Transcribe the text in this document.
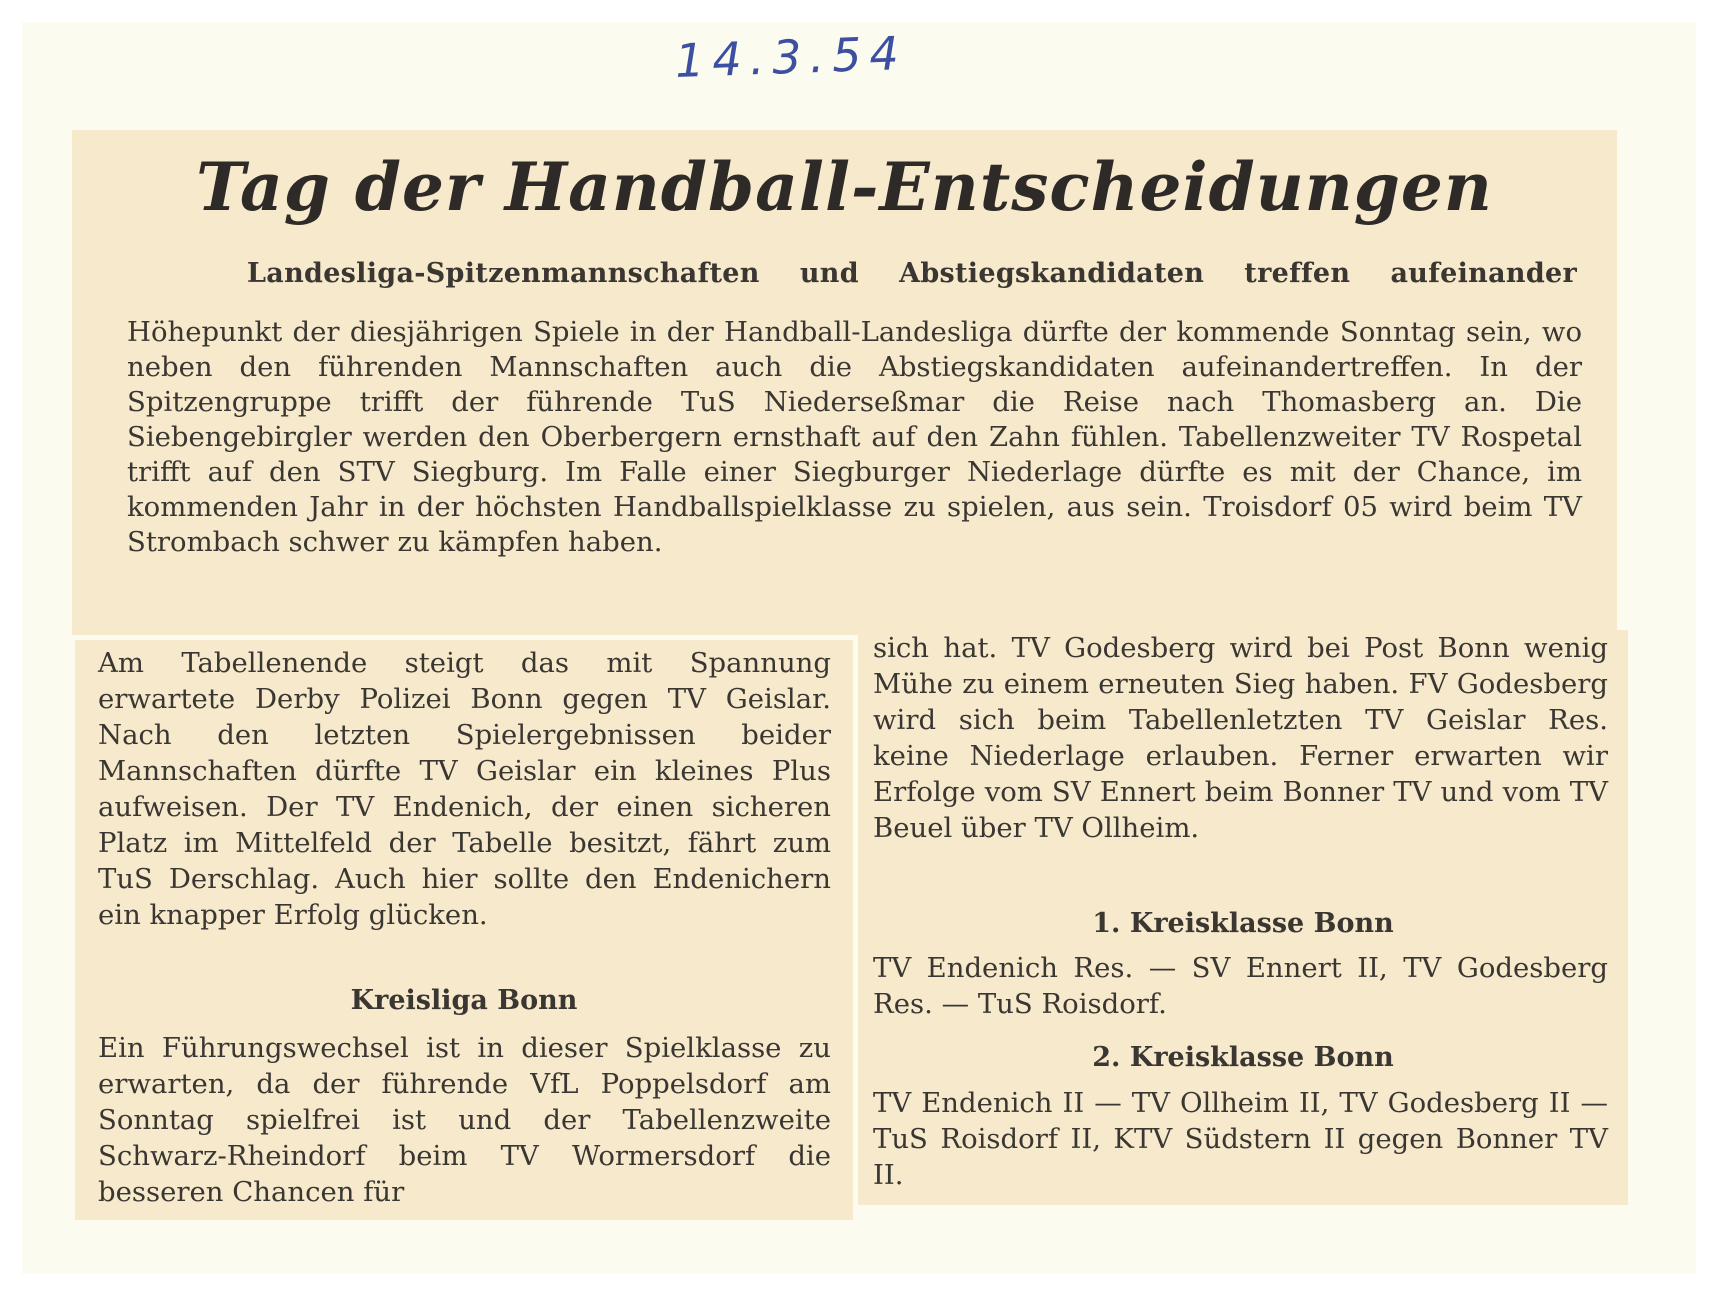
14.3.54
Tag der Handball-Entscheidungen
Landesliga-Spitzenmannschaften und Abstiegskandidaten treffen aufeinander

Höhepunkt der diesjährigen Spiele in der Handball-Landesliga dürfte der kommende Sonntag sein, wo neben den führenden Mannschaften auch die Abstiegskandidaten aufeinandertreffen. In der Spitzengruppe trifft der führende TuS Niederseßmar die Reise nach Thomasberg an. Die Siebengebirgler werden den Oberbergern ernsthaft auf den Zahn fühlen. Tabellenzweiter TV Rospetal trifft auf den STV Siegburg. Im Falle einer Siegburger Niederlage dürfte es mit der Chance, im kommenden Jahr in der höchsten Handballspielklasse zu spielen, aus sein. Troisdorf 05 wird beim TV Strombach schwer zu kämpfen haben.

Am Tabellenende steigt das mit Spannung erwartete Derby Polizei Bonn gegen TV Geislar. Nach den letzten Spielergebnissen beider Mannschaften dürfte TV Geislar ein kleines Plus aufweisen. Der TV Endenich, der einen sicheren Platz im Mittelfeld der Tabelle besitzt, fährt zum TuS Derschlag. Auch hier sollte den Endenichern ein knapper Erfolg glücken.

Kreisliga Bonn

Ein Führungswechsel ist in dieser Spielklasse zu erwarten, da der führende VfL Poppelsdorf am Sonntag spielfrei ist und der Tabellenzweite Schwarz-Rheindorf beim TV Wormersdorf die besseren Chancen für

sich hat. TV Godesberg wird bei Post Bonn wenig Mühe zu einem erneuten Sieg haben. FV Godesberg wird sich beim Tabellenletzten TV Geislar Res. keine Niederlage erlauben. Ferner erwarten wir Erfolge vom SV Ennert beim Bonner TV und vom TV Beuel über TV Ollheim.

1. Kreisklasse Bonn

TV Endenich Res. — SV Ennert II, TV Godesberg Res. — TuS Roisdorf.

2. Kreisklasse Bonn

TV Endenich II — TV Ollheim II, TV Godesberg II — TuS Roisdorf II, KTV Südstern II gegen Bonner TV II.
